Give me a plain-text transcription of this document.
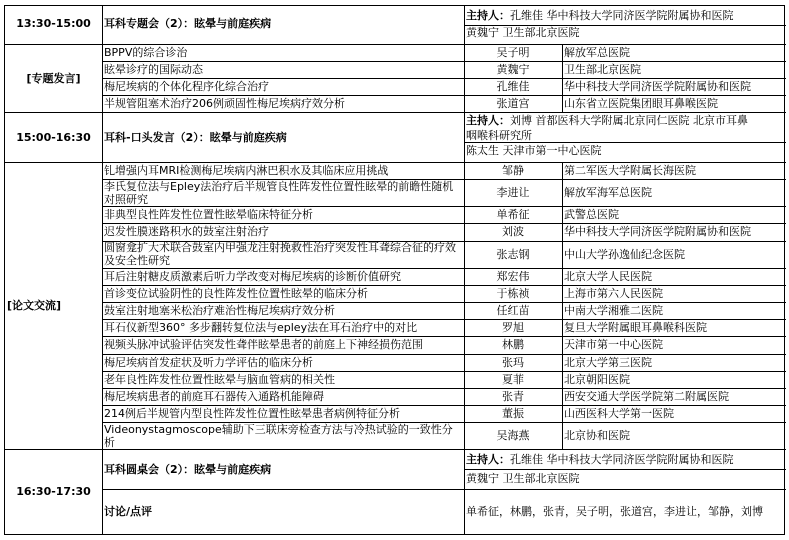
13:30-15:00 耳科专题会（2）：眩晕与前庭疾病
主持人：孔维佳 华中科技大学同济医学院附属协和医院
黄魏宁 卫生部北京医院
BPPV的综合诊治	吴子明	解放军总医院
眩晕诊疗的国际动态	黄魏宁	卫生部北京医院
梅尼埃病的个体化程序化综合治疗	孔维佳	华中科技大学同济医学院附属协和医院
半规管阻塞术治疗206例顽固性梅尼埃病疗效分析	张道宫	山东省立医院集团眼耳鼻喉医院
[专题发言]
15:00-16:30 耳科-口头发言（2）：眩晕与前庭疾病
主持人：刘博 首都医科大学附属北京同仁医院 北京市耳鼻
咽喉科研究所
陈太生 天津市第一中心医院
钆增强内耳MRI检测梅尼埃病内淋巴积水及其临床应用挑战	邹静	第二军医大学附属长海医院
李氏复位法与Epley法治疗后半规管良性阵发性位置性眩晕的前瞻性随机对照研究	李进让	解放军海军总医院
非典型良性阵发性位置性眩晕临床特征分析	单希征	武警总医院
迟发性膜迷路积水的鼓室注射治疗	刘波	华中科技大学同济医学院附属协和医院
圆窗龛扩大术联合鼓室内甲强龙注射挽救性治疗突发性耳聋综合征的疗效及安全性研究	张志钢	中山大学孙逸仙纪念医院
耳后注射糖皮质激素后听力学改变对梅尼埃病的诊断价值研究	郑宏伟	北京大学人民医院
首诊变位试验阴性的良性阵发性位置性眩晕的临床分析	于栋祯	上海市第六人民医院
鼓室注射地塞米松治疗难治性梅尼埃病疗效分析	任红苗	中南大学湘雅二医院
耳石仪新型360° 多步翻转复位法与epley法在耳石治疗中的对比	罗旭	复旦大学附属眼耳鼻喉科医院
视频头脉冲试验评估突发性聋伴眩晕患者的前庭上下神经损伤范围	林鹏	天津市第一中心医院
梅尼埃病首发症状及听力学评估的临床分析	张玛	北京大学第三医院
老年良性阵发性位置性眩晕与脑血管病的相关性	夏菲	北京朝阳医院
梅尼埃病患者的前庭耳石器传入通路机能障碍	张青	西安交通大学医学院第二附属医院
214例后半规管内型良性阵发性位置性眩晕患者病例特征分析	董振	山西医科大学第一医院
Videonystagmoscope辅助下三联床旁检查方法与冷热试验的一致性分析	吴海燕	北京协和医院
[论文交流]
16:30-17:30
耳科圆桌会（2）：眩晕与前庭疾病
主持人：孔维佳 华中科技大学同济医学院附属协和医院
黄魏宁 卫生部北京医院
讨论/点评	单希征，林鹏，张青，吴子明，张道宫，李进让，邹静，刘博
